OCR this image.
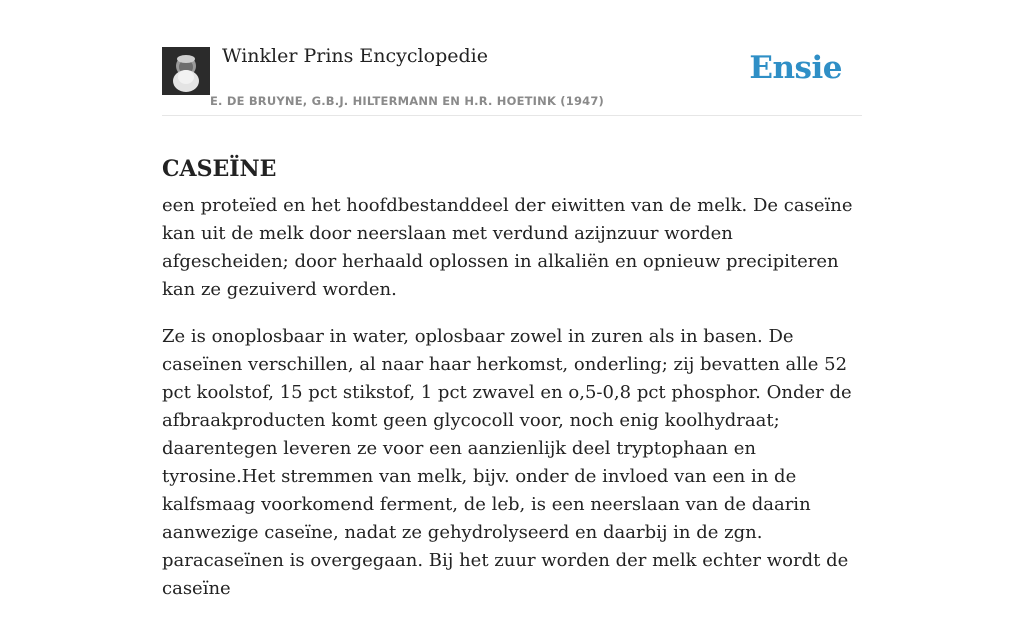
Winkler Prins Encyclopedie
E. DE BRUYNE, G.B.J. HILTERMANN EN H.R. HOETINK (1947)
Ensie
CASEÏNE

een proteïed en het hoofdbestanddeel der eiwitten van de melk. De caseïne kan uit de melk door neerslaan met verdund azijnzuur worden afgescheiden; door herhaald oplossen in alkaliën en opnieuw precipiteren kan ze gezuiverd worden.

Ze is onoplosbaar in water, oplosbaar zowel in zuren als in basen. De caseïnen verschillen, al naar haar herkomst, onderling; zij bevatten alle 52 pct koolstof, 15 pct stikstof, 1 pct zwavel en o,5-0,8 pct phosphor. Onder de afbraakproducten komt geen glycocoll voor, noch enig koolhydraat; daarentegen leveren ze voor een aanzienlijk deel tryptophaan en tyrosine.Het stremmen van melk, bijv. onder de invloed van een in de kalfsmaag voorkomend ferment, de leb, is een neerslaan van de daarin aanwezige caseïne, nadat ze gehydrolyseerd en daarbij in de zgn. paracaseïnen is overgegaan. Bij het zuur worden der melk echter wordt de caseïne
